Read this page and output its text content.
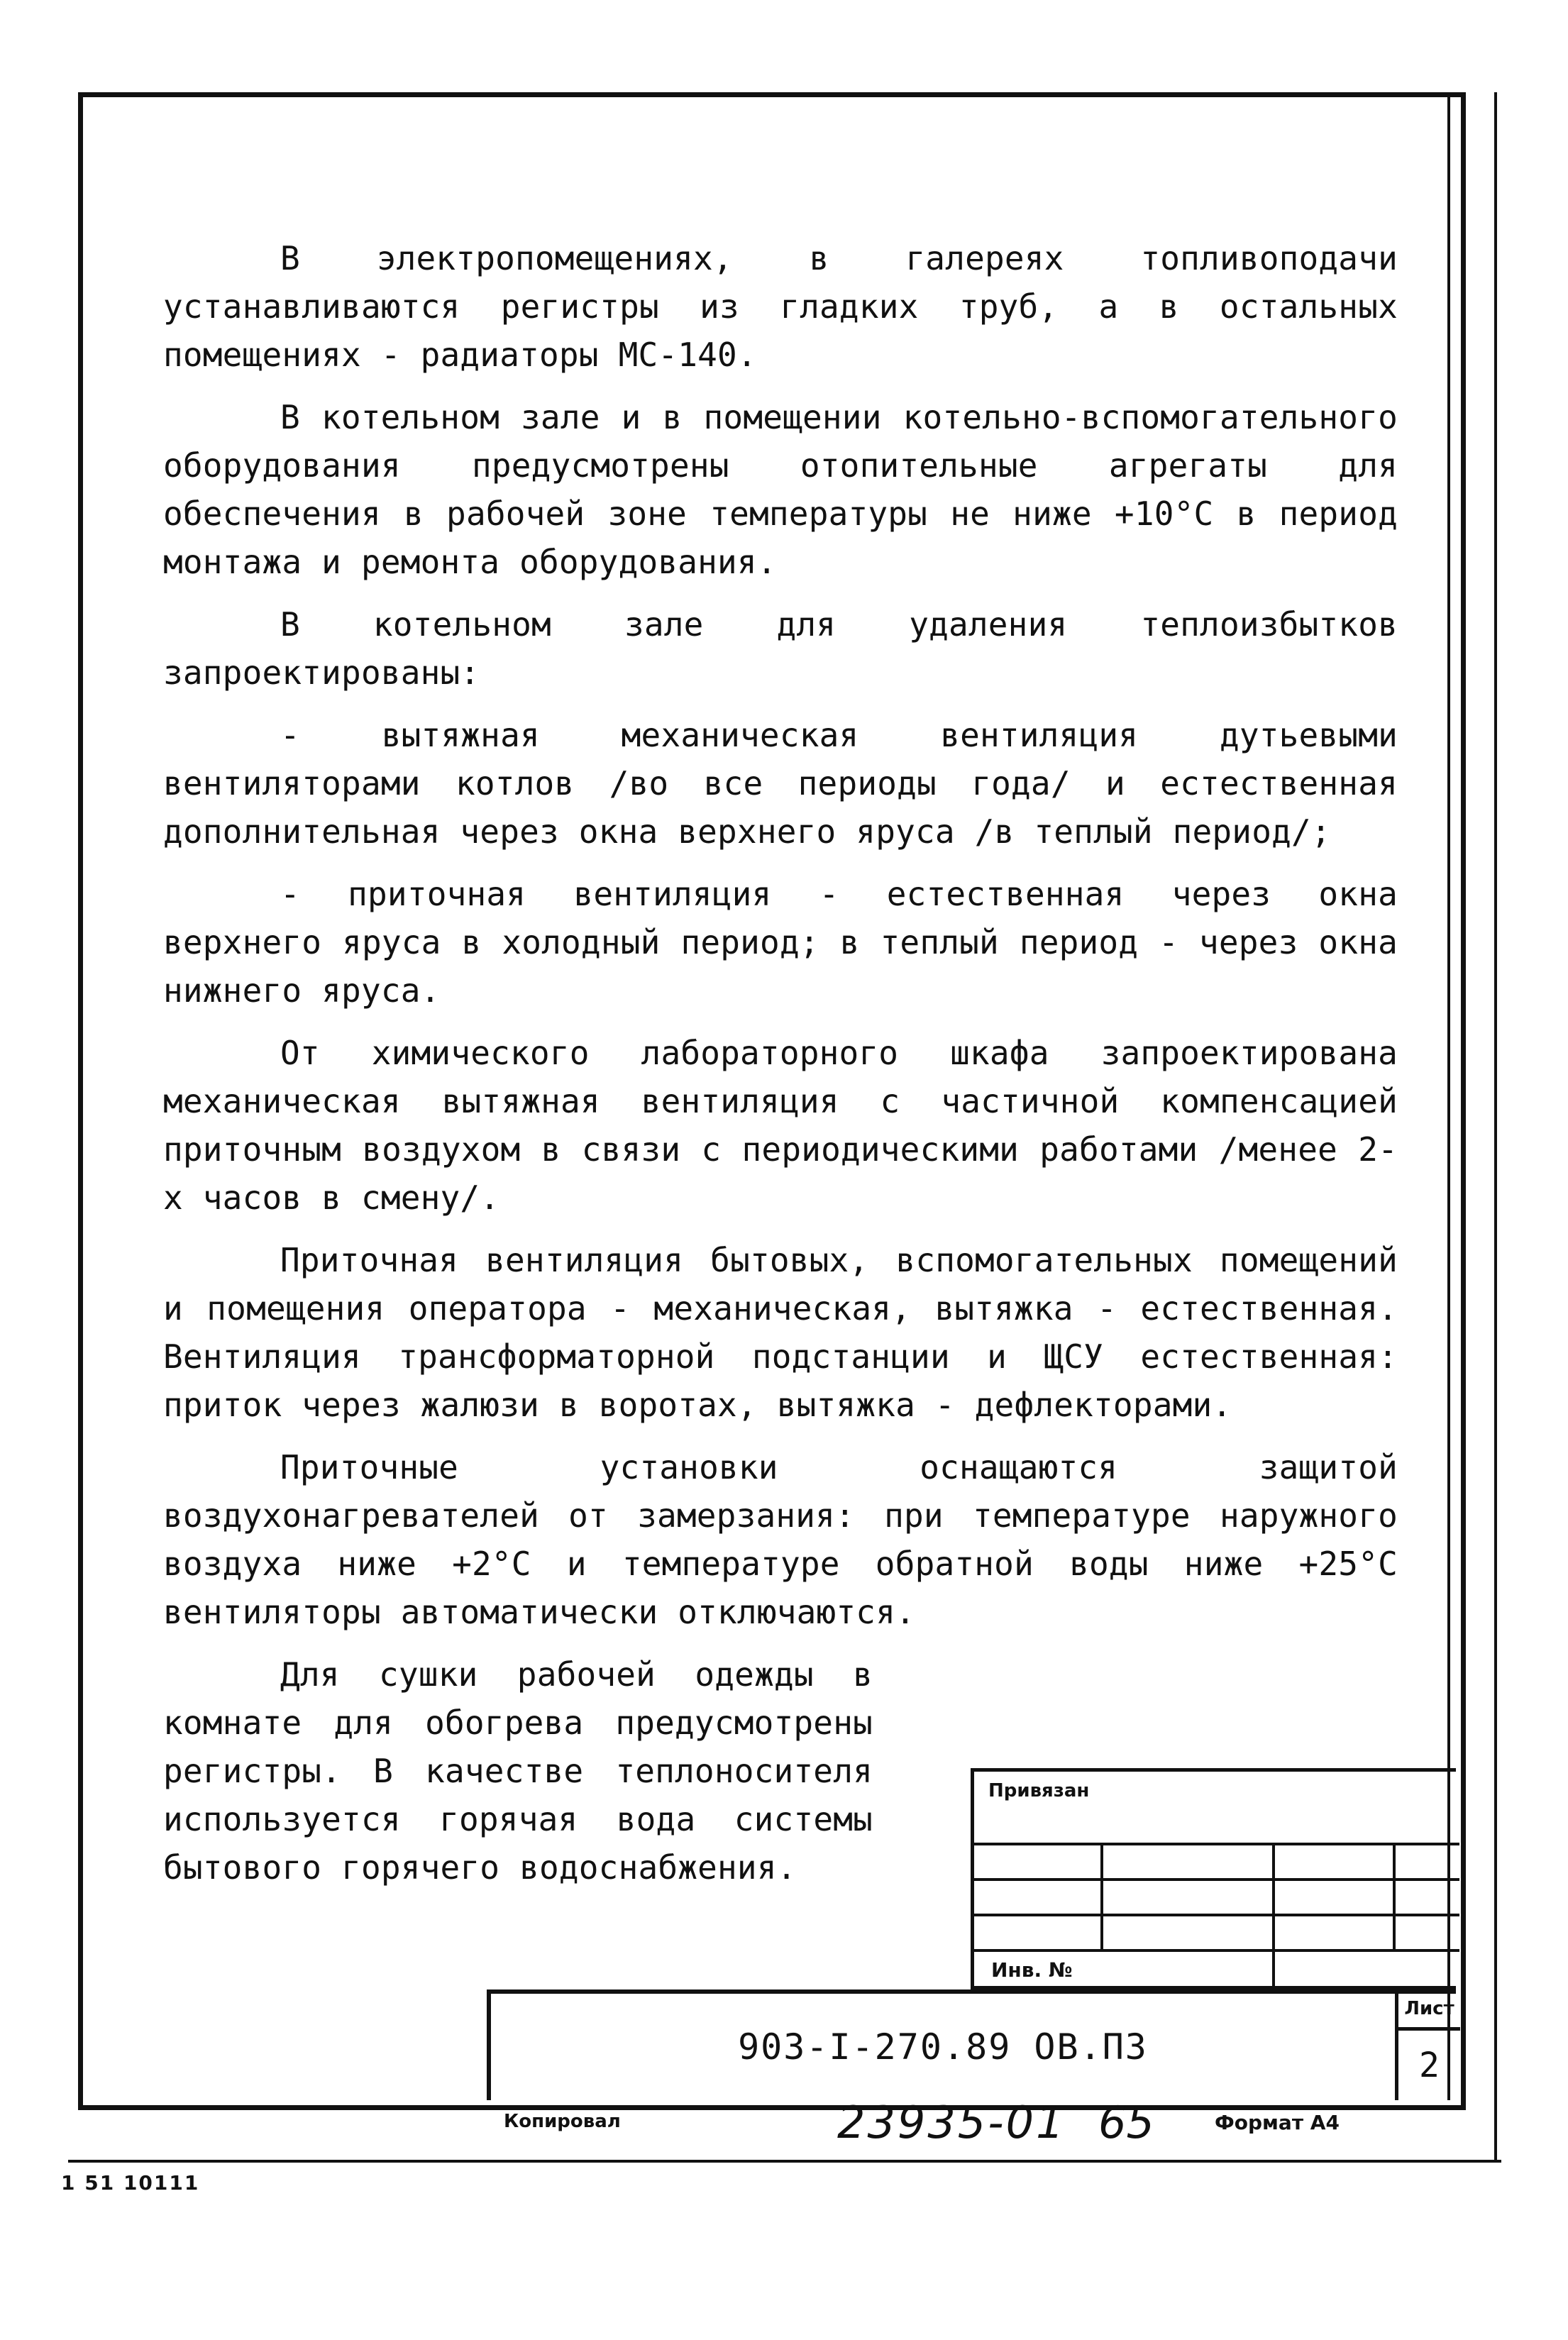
В электропомещениях, в галереях топливоподачи устанавливаются регистры из гладких труб, а в остальных помещениях - радиаторы МС-140.

В котельном зале и в помещении котельно-вспомогательного оборудования предусмотрены отопительные агрегаты для обеспечения в рабочей зоне температуры не ниже +10°С в период монтажа и ремонта оборудования.

В котельном зале для удаления теплоизбытков запроектированы:

- вытяжная механическая вентиляция дутьевыми вентиляторами котлов /во все периоды года/ и естественная дополнительная через окна верхнего яруса /в теплый период/;

- приточная вентиляция - естественная через окна верхнего яруса в холодный период; в теплый период - через окна нижнего яруса.

От химического лабораторного шкафа запроектирована механическая вытяжная вентиляция с частичной компенсацией приточным воздухом в связи с периодическими работами /менее 2-х часов в смену/.

Приточная вентиляция бытовых, вспомогательных помещений и помещения оператора - механическая, вытяжка - естественная. Вентиляция трансформаторной подстанции и ЩСУ естественная: приток через жалюзи в воротах, вытяжка - дефлекторами.

Приточные установки оснащаются защитой воздухонагревателей от замерзания: при температуре наружного воздуха ниже +2°С и температуре обратной воды ниже +25°С вентиляторы автоматически отключаются.

Для сушки рабочей одежды в комнате для обогрева предусмотрены регистры. В качестве теплоносителя используется горячая вода системы бытового горячего водоснабжения.

Привязан
Инв. №
903-I-270.89 ОВ.ПЗ
Лист
2
Копировал	23935-01 65	Формат А4
1 51 10111
